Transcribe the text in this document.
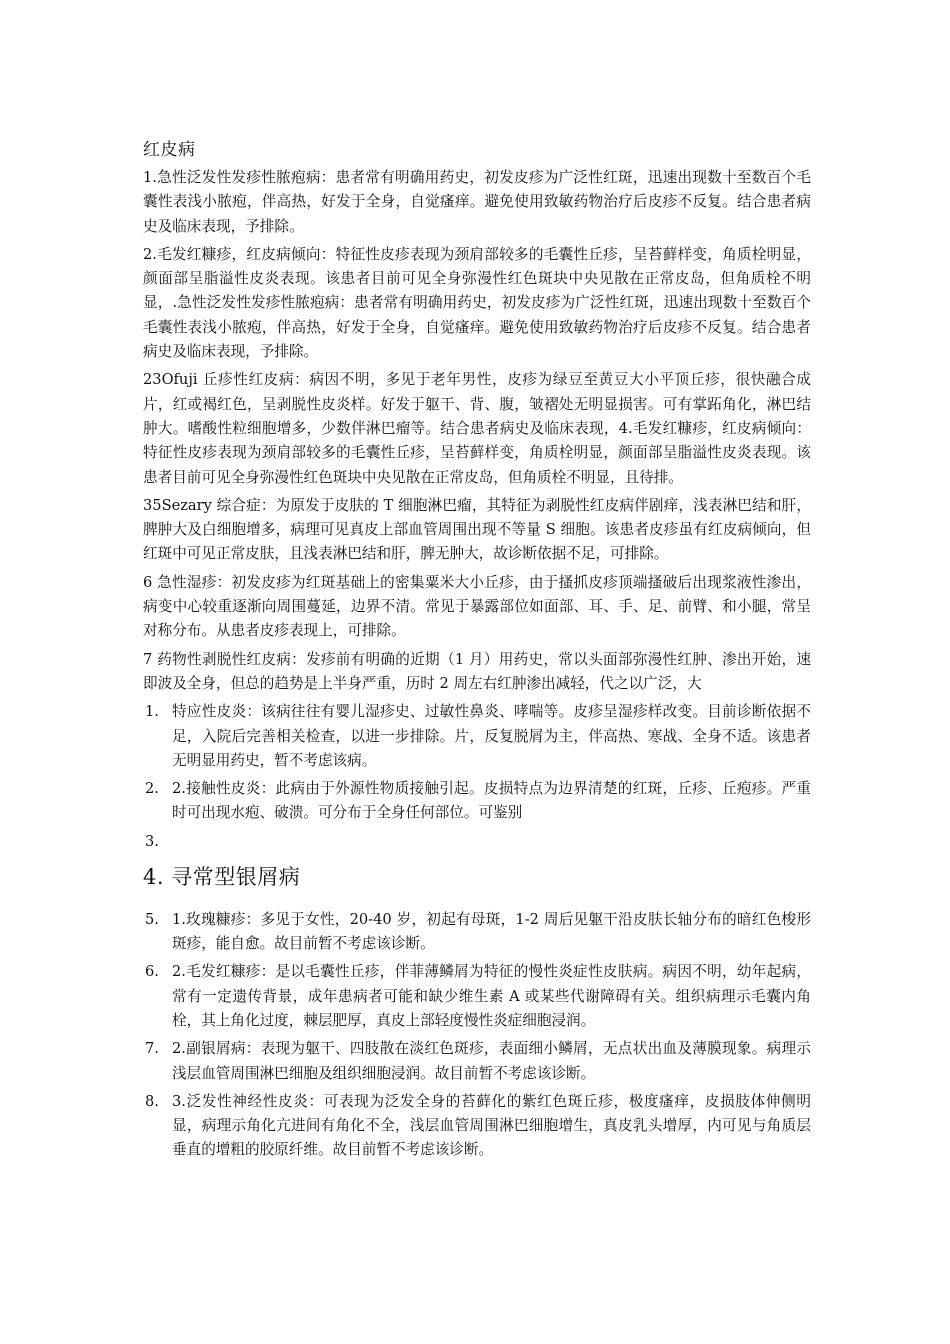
红皮病

1.急性泛发性发疹性脓疱病：患者常有明确用药史，初发皮疹为广泛性红斑，迅速出现数十至数百个毛囊性表浅小脓疱，伴高热，好发于全身，自觉瘙痒。避免使用致敏药物治疗后皮疹不反复。结合患者病史及临床表现，予排除。

2.毛发红糠疹，红皮病倾向：特征性皮疹表现为颈肩部较多的毛囊性丘疹，呈苔藓样变，角质栓明显，颜面部呈脂溢性皮炎表现。该患者目前可见全身弥漫性红色斑块中央见散在正常皮岛，但角质栓不明显，.急性泛发性发疹性脓疱病：患者常有明确用药史，初发皮疹为广泛性红斑，迅速出现数十至数百个毛囊性表浅小脓疱，伴高热，好发于全身，自觉瘙痒。避免使用致敏药物治疗后皮疹不反复。结合患者病史及临床表现，予排除。

23Ofuji 丘疹性红皮病：病因不明，多见于老年男性，皮疹为绿豆至黄豆大小平顶丘疹，很快融合成片，红或褐红色，呈剥脱性皮炎样。好发于躯干、背、腹，皱褶处无明显损害。可有掌跖角化，淋巴结肿大。嗜酸性粒细胞增多，少数伴淋巴瘤等。结合患者病史及临床表现，4.毛发红糠疹，红皮病倾向：特征性皮疹表现为颈肩部较多的毛囊性丘疹，呈苔藓样变，角质栓明显，颜面部呈脂溢性皮炎表现。该患者目前可见全身弥漫性红色斑块中央见散在正常皮岛，但角质栓不明显，且待排。

35Sezary 综合症：为原发于皮肤的 T 细胞淋巴瘤，其特征为剥脱性红皮病伴剧痒，浅表淋巴结和肝，脾肿大及白细胞增多，病理可见真皮上部血管周围出现不等量 S 细胞。该患者皮疹虽有红皮病倾向，但红斑中可见正常皮肤，且浅表淋巴结和肝，脾无肿大，故诊断依据不足，可排除。

6 急性湿疹：初发皮疹为红斑基础上的密集粟米大小丘疹，由于搔抓皮疹顶端搔破后出现浆液性渗出，病变中心较重逐渐向周围蔓延，边界不清。常见于暴露部位如面部、耳、手、足、前臂、和小腿，常呈对称分布。从患者皮疹表现上，可排除。

7 药物性剥脱性红皮病：发疹前有明确的近期（1 月）用药史，常以头面部弥漫性红肿、渗出开始，速即波及全身，但总的趋势是上半身严重，历时 2 周左右红肿渗出减轻，代之以广泛，大

1. 特应性皮炎：该病往往有婴儿湿疹史、过敏性鼻炎、哮喘等。皮疹呈湿疹样改变。目前诊断依据不足，入院后完善相关检查，以进一步排除。片，反复脱屑为主，伴高热、寒战、全身不适。该患者无明显用药史，暂不考虑该病。
2. 2.接触性皮炎：此病由于外源性物质接触引起。皮损特点为边界清楚的红斑，丘疹、丘疱疹。严重时可出现水疱、破溃。可分布于全身任何部位。可鉴别
3.
4. 寻常型银屑病
5. 1.玫瑰糠疹：多见于女性，20-40 岁，初起有母斑，1-2 周后见躯干沿皮肤长轴分布的暗红色梭形斑疹，能自愈。故目前暂不考虑该诊断。
6. 2.毛发红糠疹：是以毛囊性丘疹，伴菲薄鳞屑为特征的慢性炎症性皮肤病。病因不明，幼年起病，常有一定遗传背景，成年患病者可能和缺少维生素 A 或某些代谢障碍有关。组织病理示毛囊内角栓，其上角化过度，棘层肥厚，真皮上部轻度慢性炎症细胞浸润。
7. 2.副银屑病：表现为躯干、四肢散在淡红色斑疹，表面细小鳞屑，无点状出血及薄膜现象。病理示浅层血管周围淋巴细胞及组织细胞浸润。故目前暂不考虑该诊断。
8. 3.泛发性神经性皮炎：可表现为泛发全身的苔藓化的紫红色斑丘疹，极度瘙痒，皮损肢体伸侧明显，病理示角化亢进间有角化不全，浅层血管周围淋巴细胞增生，真皮乳头增厚，内可见与角质层垂直的增粗的胶原纤维。故目前暂不考虑该诊断。
